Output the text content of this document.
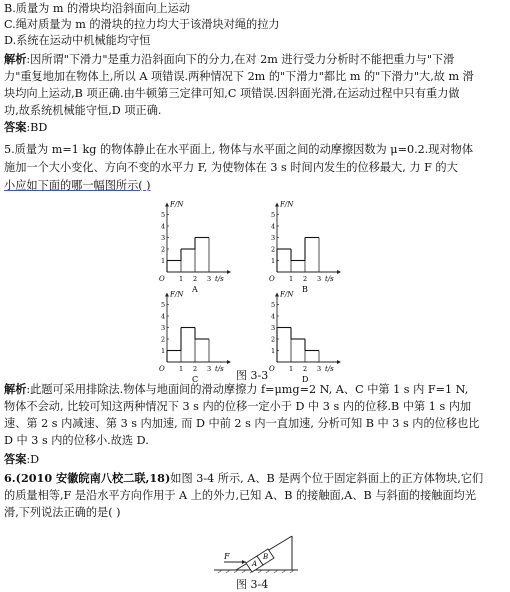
B.质量为 m 的滑块均沿斜面向上运动
C.绳对质量为 m 的滑块的拉力均大于该滑块对绳的拉力
D.系统在运动中机械能均守恒
解析:因所谓"下滑力"是重力沿斜面向下的分力,在对 2m 进行受力分析时不能把重力与"下滑
力"重复地加在物体上,所以 A 项错误.两种情况下 2m 的"下滑力"都比 m 的"下滑力"大,故 m 滑
块均向上运动,B 项正确.由牛顿第三定律可知,C 项错误.因斜面光滑,在运动过程中只有重力做
功,故系统机械能守恒,D 项正确.
答案:BD
5.质量为 m=1 kg 的物体静止在水平面上, 物体与水平面之间的动摩擦因数为 μ=0.2.现对物体
施加一个大小变化、方向不变的水平力 F, 为使物体在 3 s 时间内发生的位移最大, 力 F 的大
小应如下面的哪一幅图所示( )
F/N
t/s
O
1
2
3
4
5
1 2 3
A
F/N
t/s
O
1
2
3
4
5
1 2 3
B
F/N
t/s
O
1
2
3
4
5
1 2 3
C
F/N
t/s
O
1
2
3
4
5
1 2 3
D
图 3-3
解析:此题可采用排除法.物体与地面间的滑动摩擦力 f=μmg=2 N, A、C 中第 1 s 内 F=1 N,
物体不会动, 比较可知这两种情况下 3 s 内的位移一定小于 D 中 3 s 内的位移.B 中第 1 s 内加
速、第 2 s 内减速、第 3 s 内加速, 而 D 中前 2 s 内一直加速, 分析可知 B 中 3 s 内的位移也比
D 中 3 s 内的位移小.故选 D.
答案:D
6.(2010 安徽皖南八校二联,18)如图 3-4 所示, A、B 是两个位于固定斜面上的正方体物块,它们
的质量相等,F 是沿水平方向作用于 A 上的外力,已知 A、B 的接触面,A、B 与斜面的接触面均光
滑,下列说法正确的是( )
A
B
F
图 3-4
